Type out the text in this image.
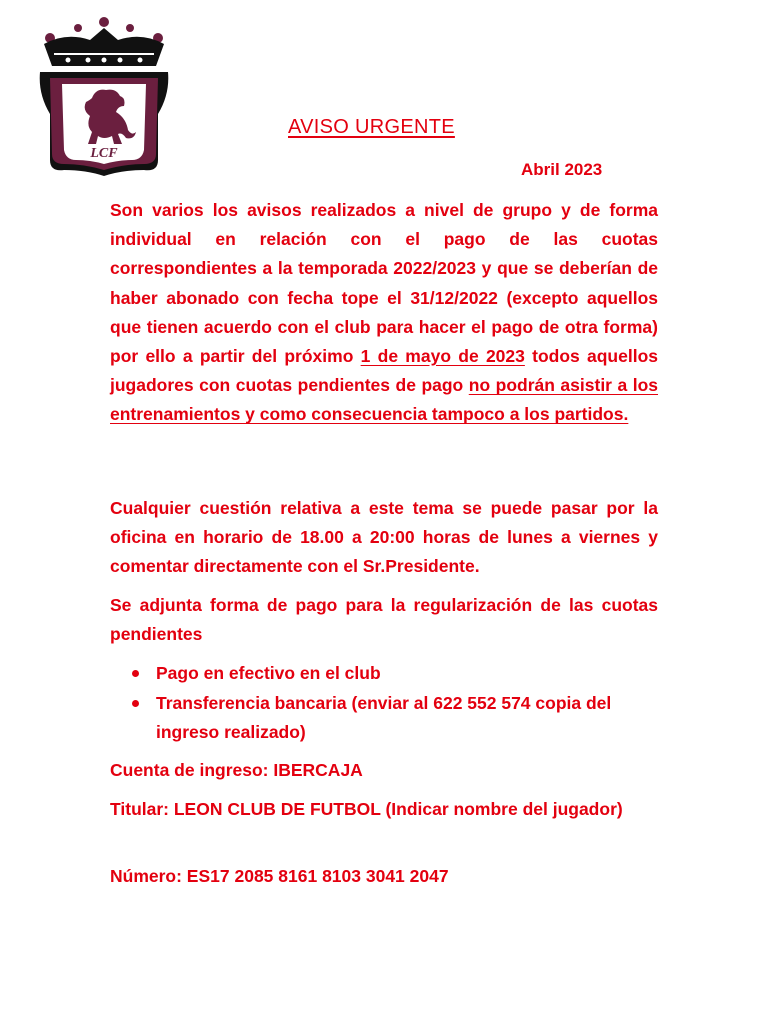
LCF
AVISO URGENTE
Abril 2023
Son varios los avisos realizados a nivel de grupo y de forma individual en relación con el pago de las cuotas correspondientes a la temporada 2022/2023 y que se deberían de haber abonado con fecha tope el 31/12/2022 (excepto aquellos que tienen acuerdo con el club para hacer el pago de otra forma) por ello a partir del próximo 1 de mayo de 2023 todos aquellos jugadores con cuotas pendientes de pago no podrán asistir a los entrenamientos y como consecuencia tampoco a los partidos.
Cualquier cuestión relativa a este tema se puede pasar por la oficina en horario de 18.00 a 20:00 horas de lunes a viernes y comentar directamente con el Sr.Presidente.
Se adjunta forma de pago para la regularización de las cuotas pendientes
Pago en efectivo en el club
Transferencia bancaria (enviar al 622 552 574 copia del ingreso realizado)
Cuenta de ingreso: IBERCAJA
Titular: LEON CLUB DE FUTBOL (Indicar nombre del jugador)
Número: ES17 2085 8161 8103 3041 2047
